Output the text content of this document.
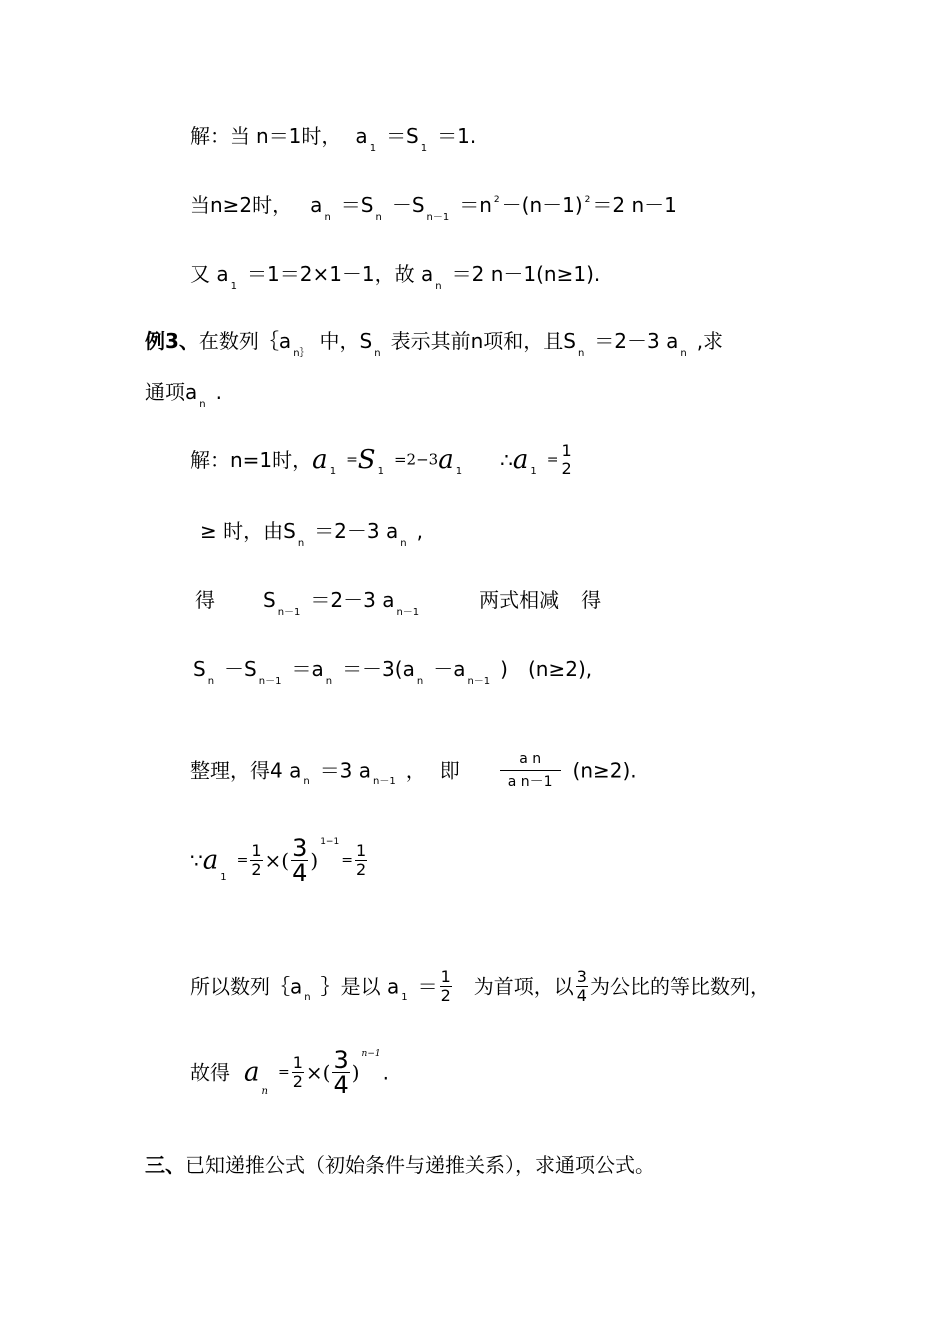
解：当 n＝1时， $a_1=S_1=1$.
当n≥2时， $a_n=S_n-S_{n-1}=n$ $^2$ －(n－1) $^2$ ＝2 n－1
又 $a_1=1=2\times 1-1$，故 $a_n=2$ n－1(n≥1).
例3、在数列$\{a_{n\}}$中，$S_n$表示其前n项和，且$S_n=2-3$ $a_n$,求
通项$a_n$.
解：n=1时，a $_1$=S $_1$=2−3a $_1$ ∴a $_1$= 1
2
≥ 时，由$S_n=2-3$ $a_n$,
得 $S_{n-1}=2-3$ $a_{n-1}$两式相减 得
$S_n-S_{n-1}=a_n=-3(a_n-a_{n-1})$ (n≥2),
整理，得4 a $_n$ ＝3 a $_{n-1}$ ， 即	$\frac{\text{a n}}{\text{a n－1}} (n\ge 2)$.
$\because a_1= \frac{1}{2}$ ×( $\frac{3}{4} )^{1-1}= \frac{1}{2}$
所以数列｛a $_n$ ｝是以 a $_1 = \frac{1}{2}$ 为首项，以 $\frac{3}{4}$ 为公比的等比数列，
故得 $a_n= \frac{1}{2}$ ×( $\frac{3}{4} )^{n-1}$.
三、已知递推公式（初始条件与递推关系），求通项公式。
